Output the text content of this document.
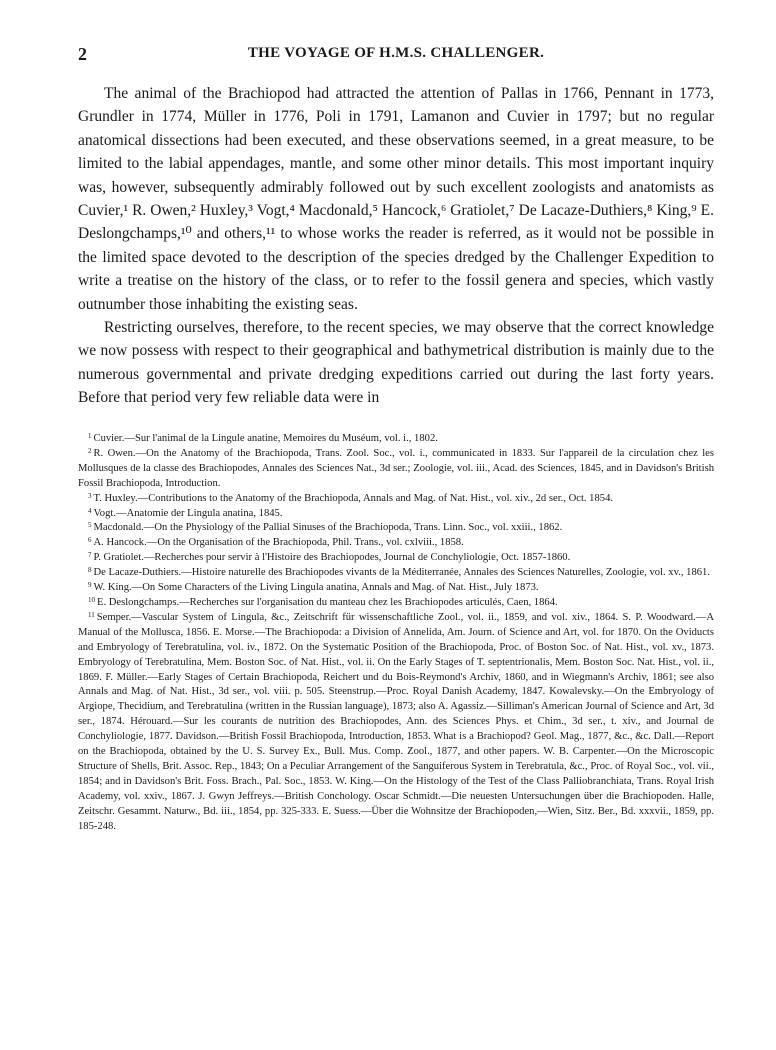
2	THE VOYAGE OF H.M.S. CHALLENGER.

The animal of the Brachiopod had attracted the attention of Pallas in 1766, Pennant in 1773, Grundler in 1774, Müller in 1776, Poli in 1791, Lamanon and Cuvier in 1797; but no regular anatomical dissections had been executed, and these observations seemed, in a great measure, to be limited to the labial appendages, mantle, and some other minor details. This most important inquiry was, however, subsequently admirably followed out by such excellent zoologists and anatomists as Cuvier,¹ R. Owen,² Huxley,³ Vogt,⁴ Macdonald,⁵ Hancock,⁶ Gratiolet,⁷ De Lacaze-Duthiers,⁸ King,⁹ E. Deslongchamps,¹⁰ and others,¹¹ to whose works the reader is referred, as it would not be possible in the limited space devoted to the description of the species dredged by the Challenger Expedition to write a treatise on the history of the class, or to refer to the fossil genera and species, which vastly outnumber those inhabiting the existing seas.

Restricting ourselves, therefore, to the recent species, we may observe that the correct knowledge we now possess with respect to their geographical and bathymetrical distribution is mainly due to the numerous governmental and private dredging expeditions carried out during the last forty years. Before that period very few reliable data were in

$^1$ Cuvier.—Sur l'animal de la Lingule anatine, Memoires du Muséum, vol. i., 1802.

$^2$ R. Owen.—On the Anatomy of the Brachiopoda, Trans. Zool. Soc., vol. i., communicated in 1833. Sur l'appareil de la circulation chez les Mollusques de la classe des Brachiopodes, Annales des Sciences Nat., 3d ser.; Zoologie, vol. iii., Acad. des Sciences, 1845, and in Davidson's British Fossil Brachiopoda, Introduction.

$^3$ T. Huxley.—Contributions to the Anatomy of the Brachiopoda, Annals and Mag. of Nat. Hist., vol. xiv., 2d ser., Oct. 1854.

$^4$ Vogt.—Anatomie der Lingula anatina, 1845.

$^5$ Macdonald.—On the Physiology of the Pallial Sinuses of the Brachiopoda, Trans. Linn. Soc., vol. xxiii., 1862.

$^6$ A. Hancock.—On the Organisation of the Brachiopoda, Phil. Trans., vol. cxlviii., 1858.

$^7$ P. Gratiolet.—Recherches pour servir à l'Histoire des Brachiopodes, Journal de Conchyliologie, Oct. 1857-1860.

$^8$ De Lacaze-Duthiers.—Histoire naturelle des Brachiopodes vivants de la Méditerranée, Annales des Sciences Naturelles, Zoologie, vol. xv., 1861.

$^9$ W. King.—On Some Characters of the Living Lingula anatina, Annals and Mag. of Nat. Hist., July 1873.

$^{10}$ E. Deslongchamps.—Recherches sur l'organisation du manteau chez les Brachiopodes articulés, Caen, 1864.

$^{11}$ Semper.—Vascular System of Lingula, &c., Zeitschrift für wissenschaftliche Zool., vol. ii., 1859, and vol. xiv., 1864. S. P. Woodward.—A Manual of the Mollusca, 1856. E. Morse.—The Brachiopoda: a Division of Annelida, Am. Journ. of Science and Art, vol. for 1870. On the Oviducts and Embryology of Terebratulina, vol. iv., 1872. On the Systematic Position of the Brachiopoda, Proc. of Boston Soc. of Nat. Hist., vol. xv., 1873. Embryology of Terebratulina, Mem. Boston Soc. of Nat. Hist., vol. ii. On the Early Stages of T. septentrionalis, Mem. Boston Soc. Nat. Hist., vol. ii., 1869. F. Müller.—Early Stages of Certain Brachiopoda, Reichert und du Bois-Reymond's Archiv, 1860, and in Wiegmann's Archiv, 1861; see also Annals and Mag. of Nat. Hist., 3d ser., vol. viii. p. 505. Steenstrup.—Proc. Royal Danish Academy, 1847. Kowalevsky.—On the Embryology of Argiope, Thecidium, and Terebratulina (written in the Russian language), 1873; also A. Agassiz.—Silliman's American Journal of Science and Art, 3d ser., 1874. Hérouard.—Sur les courants de nutrition des Brachiopodes, Ann. des Sciences Phys. et Chim., 3d ser., t. xiv., and Journal de Conchyliologie, 1877. Davidson.—British Fossil Brachiopoda, Introduction, 1853. What is a Brachiopod? Geol. Mag., 1877, &c., &c. Dall.—Report on the Brachiopoda, obtained by the U. S. Survey Ex., Bull. Mus. Comp. Zool., 1877, and other papers. W. B. Carpenter.—On the Microscopic Structure of Shells, Brit. Assoc. Rep., 1843; On a Peculiar Arrangement of the Sanguiferous System in Terebratula, &c., Proc. of Royal Soc., vol. vii., 1854; and in Davidson's Brit. Foss. Brach., Pal. Soc., 1853. W. King.—On the Histology of the Test of the Class Palliobranchiata, Trans. Royal Irish Academy, vol. xxiv., 1867. J. Gwyn Jeffreys.—British Conchology. Oscar Schmidt.—Die neuesten Untersuchungen über die Brachiopoden. Halle, Zeitschr. Gesammt. Naturw., Bd. iii., 1854, pp. 325-333. E. Suess.—Über die Wohnsitze der Brachiopoden,—Wien, Sitz. Ber., Bd. xxxvii., 1859, pp. 185-248.
